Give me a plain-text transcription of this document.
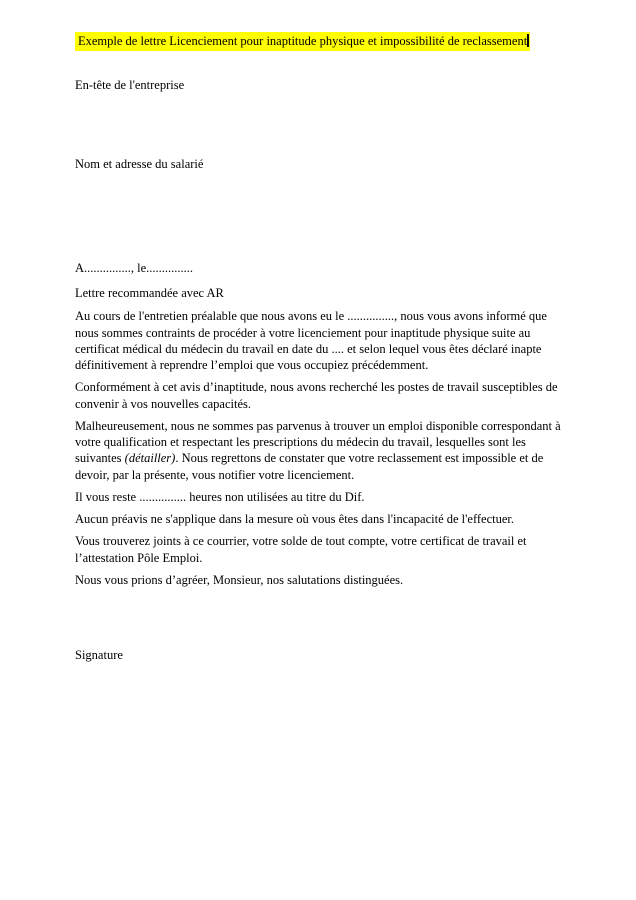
Exemple de lettre Licenciement pour inaptitude physique et impossibilité de reclassement
En-tête de l'entreprise
Nom et adresse du salarié
A..............., le...............
Lettre recommandée avec AR

Au cours de l'entretien préalable que nous avons eu le ..............., nous vous avons informé que nous sommes contraints de procéder à votre licenciement pour inaptitude physique suite au certificat médical du médecin du travail en date du .... et selon lequel vous êtes déclaré inapte définitivement à reprendre l’emploi que vous occupiez précédemment.

Conformément à cet avis d’inaptitude, nous avons recherché les postes de travail susceptibles de convenir à vos nouvelles capacités.

Malheureusement, nous ne sommes pas parvenus à trouver un emploi disponible correspondant à votre qualification et respectant les prescriptions du médecin du travail, lesquelles sont les suivantes (détailler). Nous regrettons de constater que votre reclassement est impossible et de devoir, par la présente, vous notifier votre licenciement.

Il vous reste ............... heures non utilisées au titre du Dif.

Aucun préavis ne s'applique dans la mesure où vous êtes dans l'incapacité de l'effectuer.

Vous trouverez joints à ce courrier, votre solde de tout compte, votre certificat de travail et l’attestation Pôle Emploi.

Nous vous prions d’agréer, Monsieur, nos salutations distinguées.

Signature
